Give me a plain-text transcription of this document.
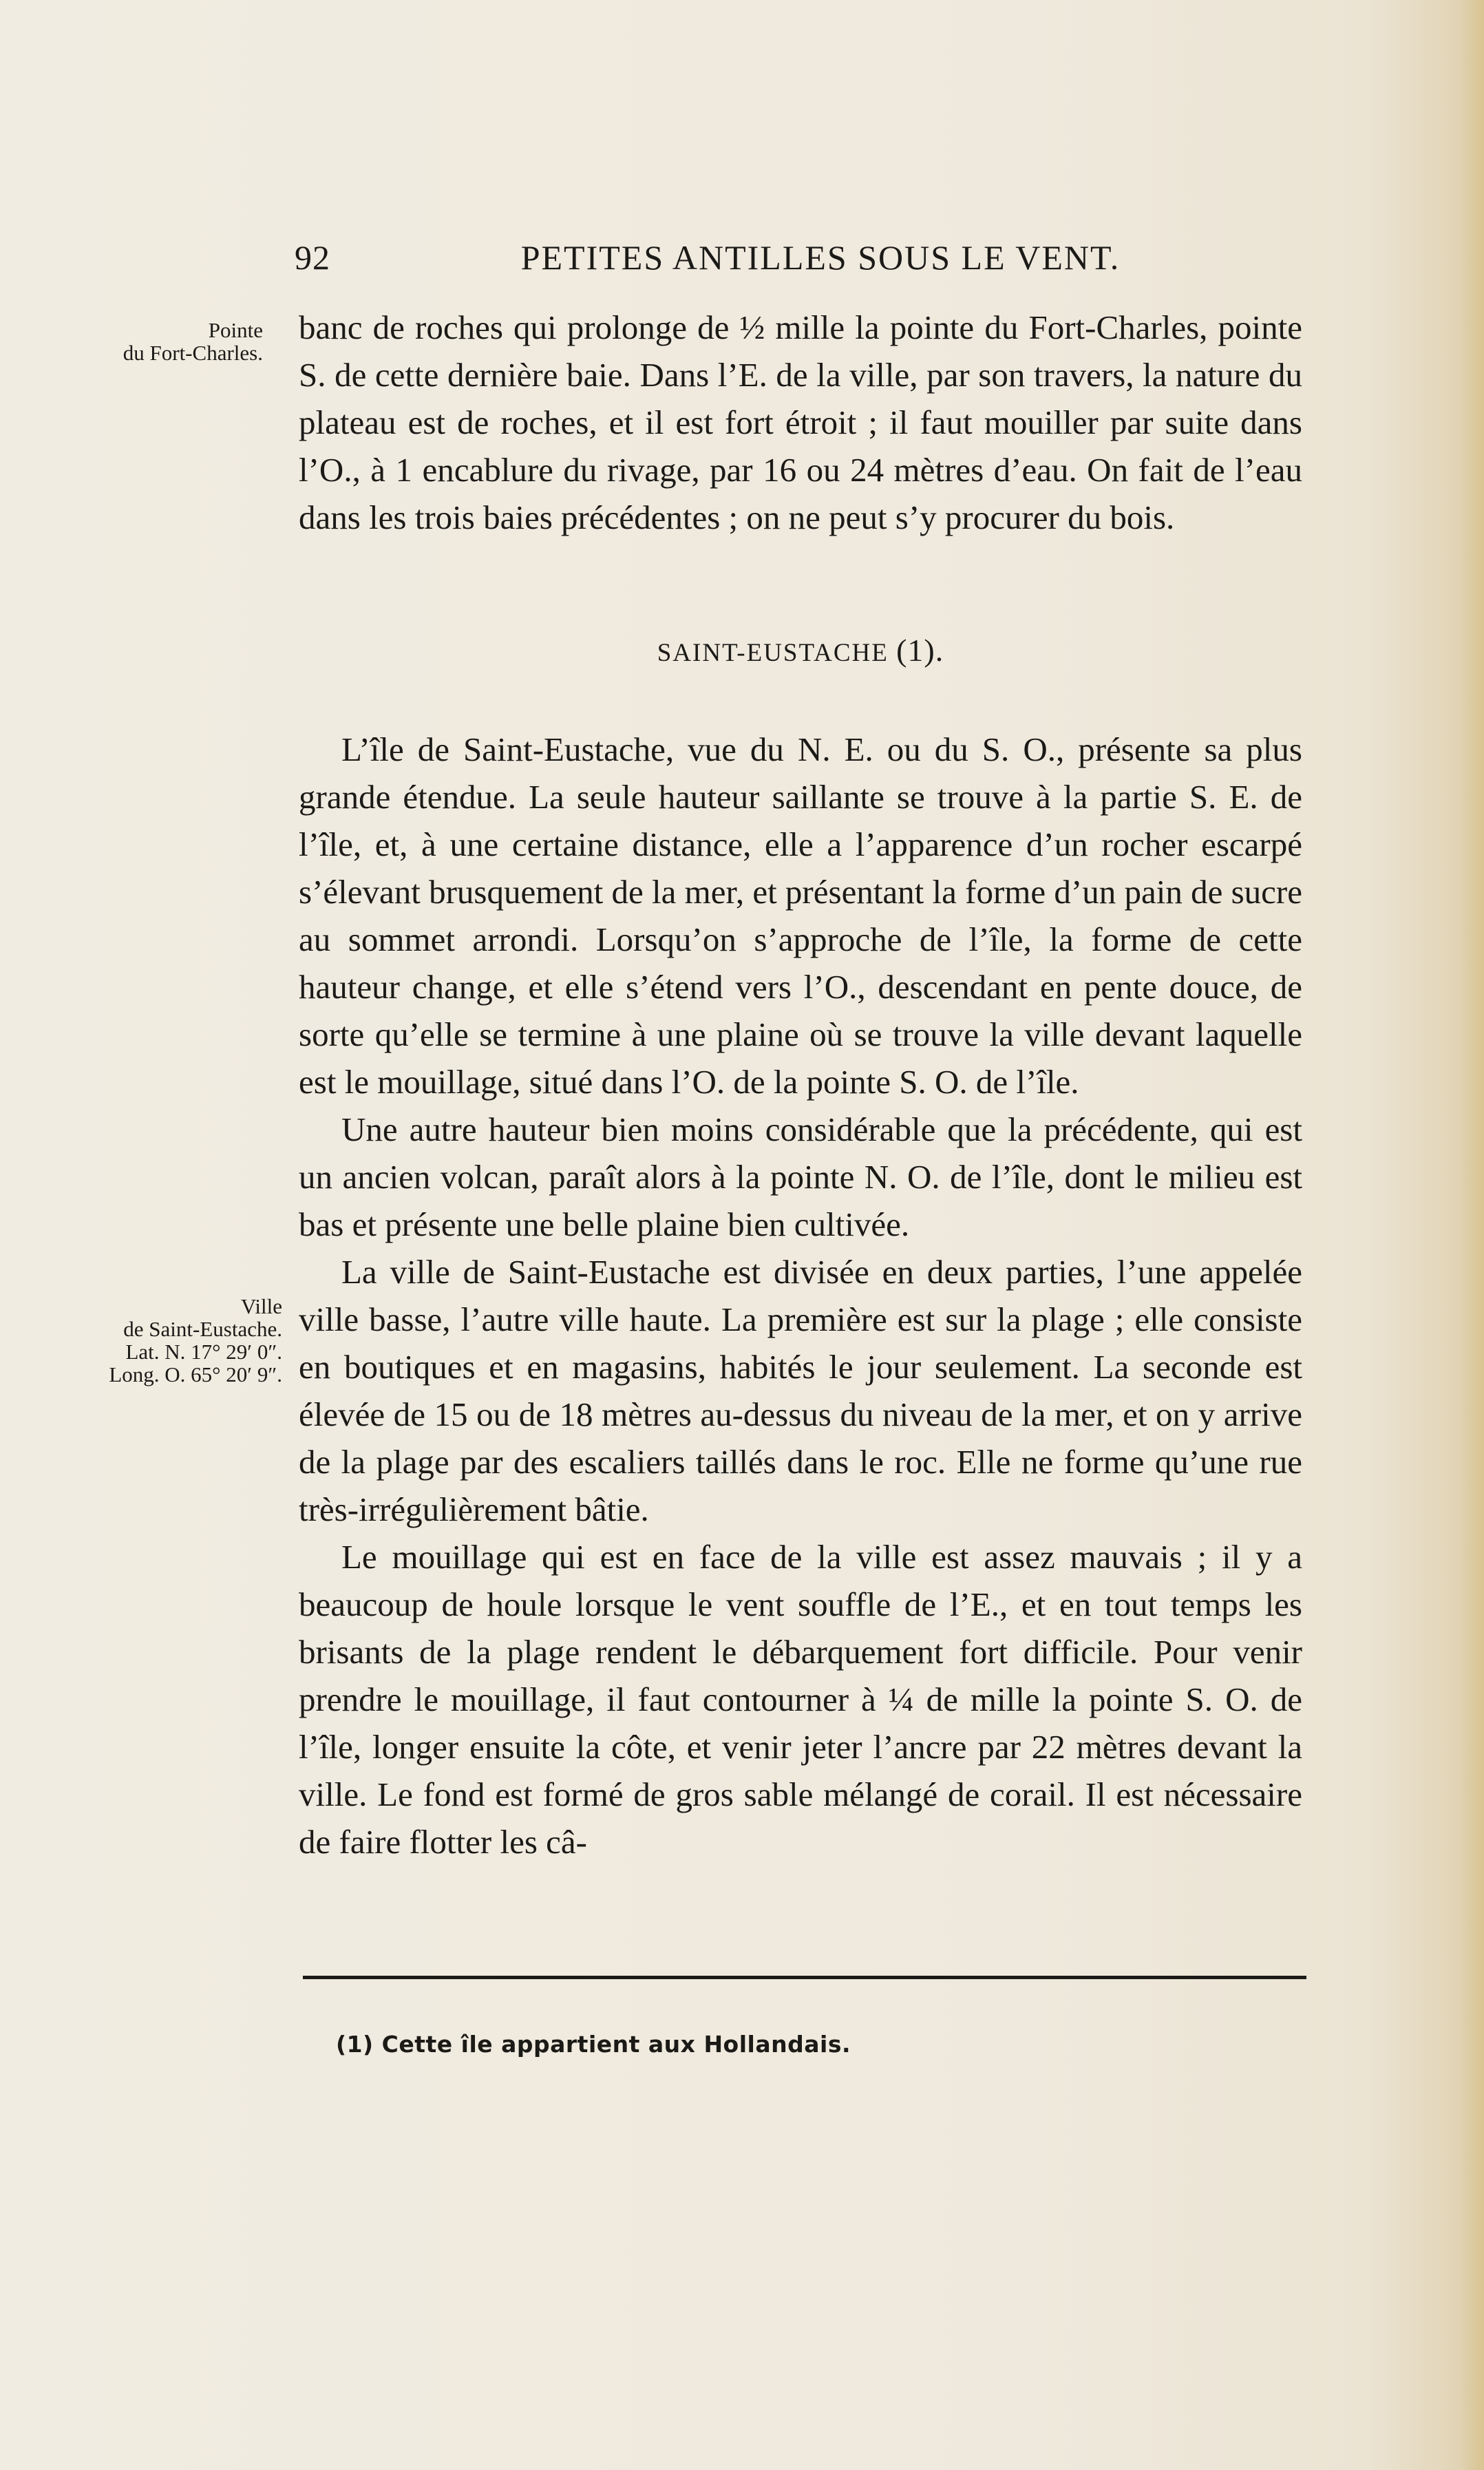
92	PETITES ANTILLES SOUS LE VENT.
Pointe
du Fort-Charles.

banc de roches qui prolonge de ½ mille la pointe du Fort-Charles, pointe S. de cette dernière baie. Dans l’E. de la ville, par son travers, la nature du plateau est de roches, et il est fort étroit ; il faut mouiller par suite dans l’O., à 1 encablure du rivage, par 16 ou 24 mètres d’eau. On fait de l’eau dans les trois baies précédentes ; on ne peut s’y procurer du bois.

SAINT-EUSTACHE (1).

L’île de Saint-Eustache, vue du N. E. ou du S. O., présente sa plus grande étendue. La seule hauteur saillante se trouve à la partie S. E. de l’île, et, à une certaine distance, elle a l’apparence d’un rocher escarpé s’élevant brusquement de la mer, et présentant la forme d’un pain de sucre au sommet arrondi. Lorsqu’on s’approche de l’île, la forme de cette hauteur change, et elle s’étend vers l’O., descendant en pente douce, de sorte qu’elle se termine à une plaine où se trouve la ville devant laquelle est le mouillage, situé dans l’O. de la pointe S. O. de l’île.

Une autre hauteur bien moins considérable que la précédente, qui est un ancien volcan, paraît alors à la pointe N. O. de l’île, dont le milieu est bas et présente une belle plaine bien cultivée.

La ville de Saint-Eustache est divisée en deux parties, l’une appelée ville basse, l’autre ville haute. La première est sur la plage ; elle consiste en boutiques et en magasins, habités le jour seulement. La seconde est élevée de 15 ou de 18 mètres au-dessus du niveau de la mer, et on y arrive de la plage par des escaliers taillés dans le roc. Elle ne forme qu’une rue très-irrégulièrement bâtie.

Le mouillage qui est en face de la ville est assez mauvais ; il y a beaucoup de houle lorsque le vent souffle de l’E., et en tout temps les brisants de la plage rendent le débarquement fort difficile. Pour venir prendre le mouillage, il faut contourner à ¼ de mille la pointe S. O. de l’île, longer ensuite la côte, et venir jeter l’ancre par 22 mètres devant la ville. Le fond est formé de gros sable mélangé de corail. Il est nécessaire de faire flotter les câ-

Ville
de Saint-Eustache.
Lat. N. 17° 29′ 0″.
Long. O. 65° 20′ 9″.
(1) Cette île appartient aux Hollandais.
